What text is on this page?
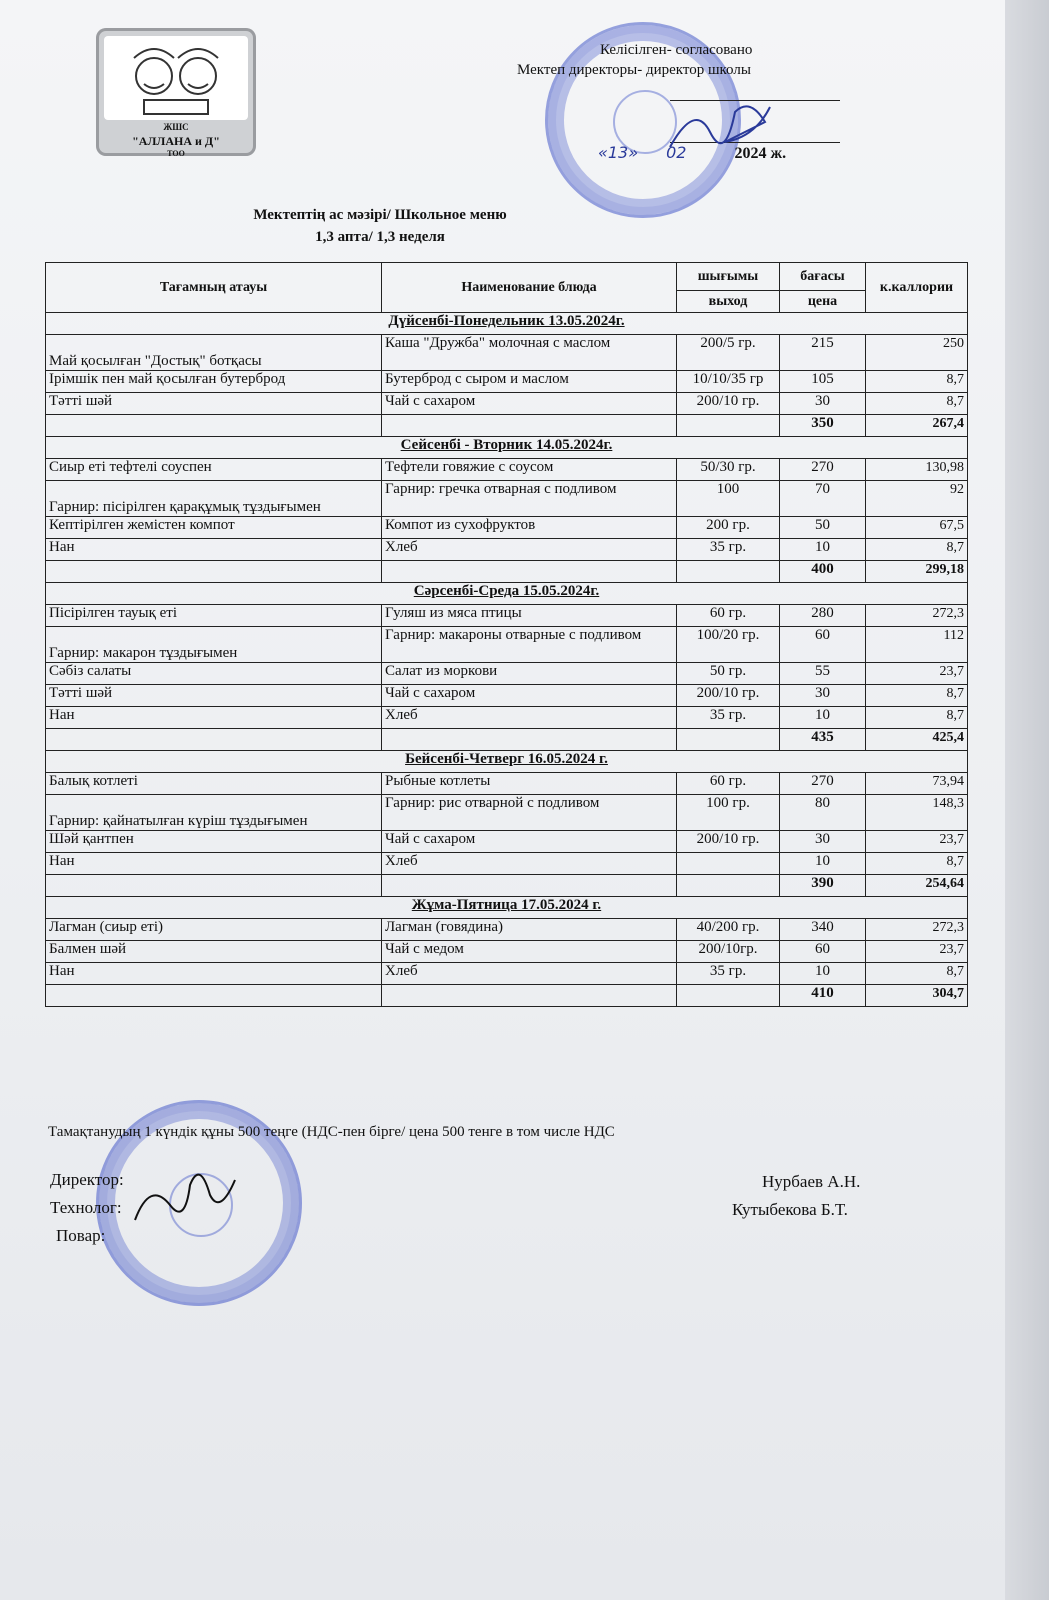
ЖШС
"АЛЛАНА и Д"
ТОО
Келісілген- согласовано
Мектеп директоры- директор школы
«13» 02	2024 ж.
Мектептің ас мәзірі/ Школьное меню
1,3 апта/ 1,3 неделя
Тағамның атауы	Наименование блюда	шығымы	бағасы	к.каллории
		выход	цена	
Дүйсенбі-Понедельник 13.05.2024г.				
Май қосылған "Достық" ботқасы	Каша "Дружба" молочная с маслом	200/5 гр.	215	250
Ірімшік пен май қосылған бутерброд	Бутерброд с сыром и маслом	10/10/35 гр	105	8,7
Тәтті шәй	Чай с сахаром	200/10 гр.	30	8,7
			350	267,4
Сейсенбі - Вторник 14.05.2024г.				
Сиыр еті тефтелі соуспен	Тефтели говяжие с соусом	50/30 гр.	270	130,98
Гарнир: пісірілген қарақұмық тұздығымен	Гарнир: гречка отварная с подливом	100	70	92
Кептірілген жемістен компот	Компот из сухофруктов	200 гр.	50	67,5
Нан	Хлеб	35 гр.	10	8,7
			400	299,18
Сәрсенбі-Среда 15.05.2024г.				
Пісірілген тауық еті	Гуляш из мяса птицы	60 гр.	280	272,3
Гарнир: макарон тұздығымен	Гарнир: макароны отварные с подливом	100/20 гр.	60	112
Сәбіз салаты	Салат из моркови	50 гр.	55	23,7
Тәтті шәй	Чай с сахаром	200/10 гр.	30	8,7
Нан	Хлеб	35 гр.	10	8,7
			435	425,4
Бейсенбі-Четверг 16.05.2024 г.				
Балық котлеті	Рыбные котлеты	60 гр.	270	73,94
Гарнир: қайнатылған күріш тұздығымен	Гарнир: рис отварной с подливом	100 гр.	80	148,3
Шәй қантпен	Чай с сахаром	200/10 гр.	30	23,7
Нан	Хлеб		10	8,7
			390	254,64
Жұма-Пятница 17.05.2024 г.				
Лагман (сиыр еті)	Лагман (говядина)	40/200 гр.	340	272,3
Балмен шәй	Чай с медом	200/10гр.	60	23,7
Нан	Хлеб	35 гр.	10	8,7
			410	304,7
Тамақтанудың 1 күндік құны 500 теңге (НДС-пен бірге/ цена 500 тенге в том числе НДС
Директор:
Технолог:
Повар:
Нурбаев А.Н.
Кутыбекова Б.Т.
